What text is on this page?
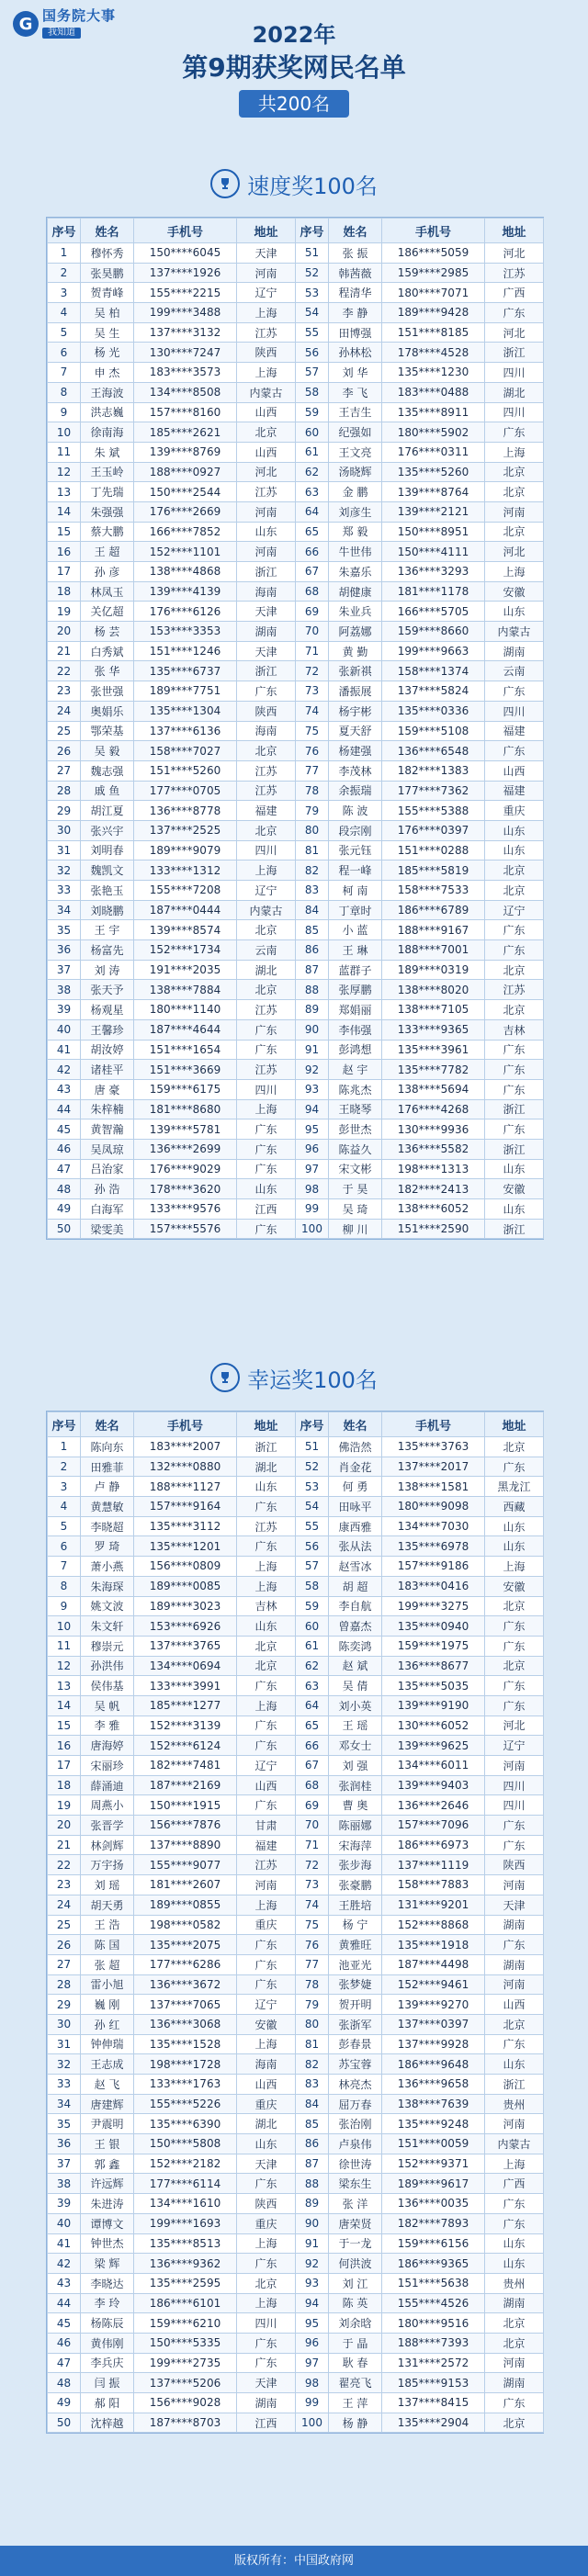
G 国务院大事
我知道	2022年
第9期获奖网民名单
共200名
速度奖100名
序号	姓名	手机号	地址	序号	姓名	手机号	地址
1	穆怀秀	150****6045	天津	51	张 振	186****5059	河北
2	张昊鹏	137****1926	河南	52	韩茜薇	159****2985	江苏
3	贺青峰	155****2215	辽宁	53	程清华	180****7071	广西
4	吴 柏	199****3488	上海	54	李 静	189****9428	广东
5	吴 生	137****3132	江苏	55	田博强	151****8185	河北
6	杨 光	130****7247	陕西	56	孙林松	178****4528	浙江
7	申 杰	183****3573	上海	57	刘 华	135****1230	四川
8	王海波	134****8508	内蒙古	58	李 飞	183****0488	湖北
9	洪志巍	157****8160	山西	59	王吉生	135****8911	四川
10	徐南海	185****2621	北京	60	纪强如	180****5902	广东
11	朱 斌	139****8769	山西	61	王文亮	176****0311	上海
12	王玉岭	188****0927	河北	62	汤晓辉	135****5260	北京
13	丁先瑞	150****2544	江苏	63	金 鹏	139****8764	北京
14	朱强强	176****2669	河南	64	刘彦生	139****2121	河南
15	蔡大鹏	166****7852	山东	65	郑 毅	150****8951	北京
16	王 超	152****1101	河南	66	牛世伟	150****4111	河北
17	孙 彦	138****4868	浙江	67	朱嘉乐	136****3293	上海
18	林凤玉	139****4139	海南	68	胡健康	181****1178	安徽
19	关亿超	176****6126	天津	69	朱业兵	166****5705	山东
20	杨 芸	153****3353	湖南	70	阿荔娜	159****8660	内蒙古
21	白秀斌	151****1246	天津	71	黄 勤	199****9663	湖南
22	张 华	135****6737	浙江	72	张新祺	158****1374	云南
23	张世强	189****7751	广东	73	潘振展	137****5824	广东
24	奥娟乐	135****1304	陕西	74	杨宇彬	135****0336	四川
25	鄂荣基	137****6136	海南	75	夏天舒	159****5108	福建
26	吴 毅	158****7027	北京	76	杨建强	136****6548	广东
27	魏志强	151****5260	江苏	77	李茂林	182****1383	山西
28	戚 鱼	177****0705	江苏	78	余振瑞	177****7362	福建
29	胡江夏	136****8778	福建	79	陈 波	155****5388	重庆
30	张兴宇	137****2525	北京	80	段宗刚	176****0397	山东
31	刘明春	189****9079	四川	81	张元钰	151****0288	山东
32	魏凯文	133****1312	上海	82	程一峰	185****5819	北京
33	张艳玉	155****7208	辽宁	83	柯 南	158****7533	北京
34	刘晓鹏	187****0444	内蒙古	84	丁章时	186****6789	辽宁
35	王 宇	139****8574	北京	85	小 蓝	188****9167	广东
36	杨富先	152****1734	云南	86	王 琳	188****7001	广东
37	刘 涛	191****2035	湖北	87	蓝群子	189****0319	北京
38	张天予	138****7884	北京	88	张厚鹏	138****8020	江苏
39	杨观星	180****1140	江苏	89	郑娟丽	138****7105	北京
40	王馨珍	187****4644	广东	90	李伟强	133****9365	吉林
41	胡汝婷	151****1654	广东	91	彭鸿想	135****3961	广东
42	诸桂平	151****3669	江苏	92	赵 宇	135****7782	广东
43	唐 豪	159****6175	四川	93	陈兆杰	138****5694	广东
44	朱梓楠	181****8680	上海	94	王晓琴	176****4268	浙江
45	黄智瀚	139****5781	广东	95	彭世杰	130****9936	广东
46	吴凤琼	136****2699	广东	96	陈益久	136****5582	浙江
47	吕治家	176****9029	广东	97	宋文彬	198****1313	山东
48	孙 浩	178****3620	山东	98	于 昊	182****2413	安徽
49	白海军	133****9576	江西	99	吴 琦	138****6052	山东
50	梁雯美	157****5576	广东	100	柳 川	151****2590	浙江
幸运奖100名
序号	姓名	手机号	地址	序号	姓名	手机号	地址
1	陈向东	183****2007	浙江	51	佛浩然	135****3763	北京
2	田雅菲	132****0880	湖北	52	肖金花	137****2017	广东
3	卢 静	188****1127	山东	53	何 勇	138****1581	黑龙江
4	黄慧敏	157****9164	广东	54	田咏平	180****9098	西藏
5	李晓超	135****3112	江苏	55	康西雅	134****7030	山东
6	罗 琦	135****1201	广东	56	张从法	135****6978	山东
7	萧小燕	156****0809	上海	57	赵雪冰	157****9186	上海
8	朱海琛	189****0085	上海	58	胡 超	183****0416	安徽
9	姚文波	189****3023	吉林	59	李自航	199****3275	北京
10	朱文轩	153****6926	山东	60	曾嘉杰	135****0940	广东
11	穆崇元	137****3765	北京	61	陈奕鸿	159****1975	广东
12	孙洪伟	134****0694	北京	62	赵 斌	136****8677	北京
13	侯伟基	133****3991	广东	63	吴 倩	135****5035	广东
14	吴 帆	185****1277	上海	64	刘小英	139****9190	广东
15	李 雅	152****3139	广东	65	王 瑶	130****6052	河北
16	唐海婷	152****6124	广东	66	邓女士	139****9625	辽宁
17	宋丽珍	182****7481	辽宁	67	刘 强	134****6011	河南
18	薛涌迪	187****2169	山西	68	张润桂	139****9403	四川
19	周燕小	150****1915	广东	69	曹 奥	136****2646	四川
20	张晋学	156****7876	甘肃	70	陈丽娜	157****7096	广东
21	林剑辉	137****8890	福建	71	宋海萍	186****6973	广东
22	万宇扬	155****9077	江苏	72	张步海	137****1119	陕西
23	刘 瑶	181****2607	河南	73	张豪鹏	158****7883	河南
24	胡天勇	189****0855	上海	74	王胜培	131****9201	天津
25	王 浩	198****0582	重庆	75	杨 宁	152****8868	湖南
26	陈 国	135****2075	广东	76	黄雅旺	135****1918	广东
27	张 超	177****6286	广东	77	池亚光	187****4498	湖南
28	雷小旭	136****3672	广东	78	张梦婕	152****9461	河南
29	巍 刚	137****7065	辽宁	79	贺开明	139****9270	山西
30	孙 红	136****3068	安徽	80	张浙军	137****0397	北京
31	钟伸瑞	135****1528	上海	81	彭春景	137****9928	广东
32	王志成	198****1728	海南	82	苏宝蓉	186****9648	山东
33	赵 飞	133****1763	山西	83	林亮杰	136****9658	浙江
34	唐建辉	155****5226	重庆	84	屈万春	138****7639	贵州
35	尹震明	135****6390	湖北	85	张治刚	135****9248	河南
36	王 银	150****5808	山东	86	卢泉伟	151****0059	内蒙古
37	郭 鑫	152****2182	天津	87	徐世涛	152****9371	上海
38	许远辉	177****6114	广东	88	梁东生	189****9617	广西
39	朱进涛	134****1610	陕西	89	张 洋	136****0035	广东
40	谭博文	199****1693	重庆	90	唐荣贤	182****7893	广东
41	钟世杰	135****8513	上海	91	于一龙	159****6156	山东
42	梁 辉	136****9362	广东	92	何洪波	186****9365	山东
43	李晓达	135****2595	北京	93	刘 江	151****5638	贵州
44	李 玲	186****6101	上海	94	陈 英	155****4526	湖南
45	杨陈辰	159****6210	四川	95	刘余晗	180****9516	北京
46	黄伟刚	150****5335	广东	96	于 晶	188****7393	北京
47	李兵庆	199****2735	广东	97	耿 春	131****2572	河南
48	闫 振	137****5206	天津	98	翟亮飞	185****9153	湖南
49	郝 阳	156****9028	湖南	99	王 萍	137****8415	广东
50	沈梓越	187****8703	江西	100	杨 静	135****2904	北京
版权所有：中国政府网
